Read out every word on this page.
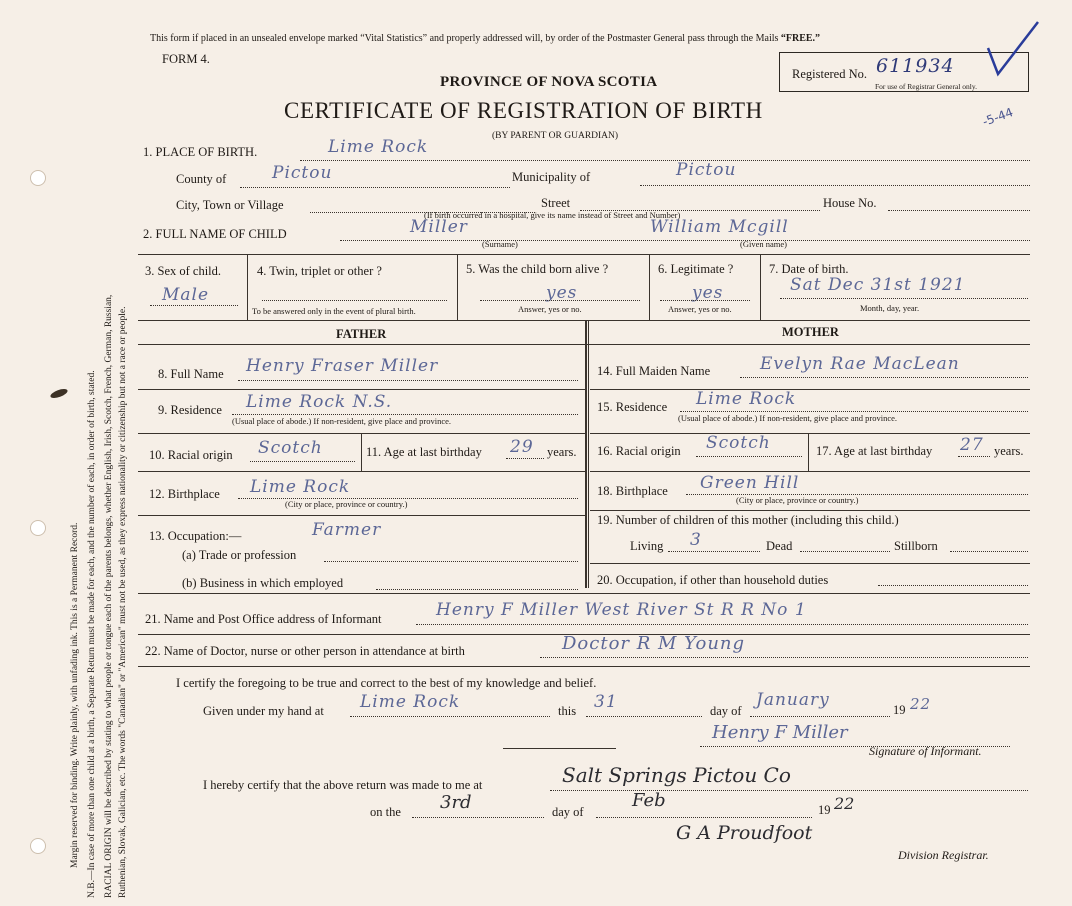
Margin reserved for binding. Write plainly, with unfading ink. This is a Permanent Record. N.B.—In case of more than one child at a birth, a Separate Return must be made for each, and the number of each, in order of birth, stated. RACIAL ORIGIN will be described by stating to what people or tongue each of the parents belongs, whether English, Irish, Scotch, French, German, Russian, Ruthenian, Slovak, Galician, etc. The words "Canadian" or "American" must not be used, as they express nationality or citizenship but not a race or people.
This form if placed in an unsealed envelope marked “Vital Statistics” and properly addressed will, by order of the Postmaster General pass through the Mails “FREE.”
FORM 4.
PROVINCE OF NOVA SCOTIA
CERTIFICATE OF REGISTRATION OF BIRTH
(BY PARENT OR GUARDIAN)
Registered No. 611934
For use of Registrar General only.
-5-44
1. PLACE OF BIRTH.	Lime Rock
County of	Pictou	Municipality of	Pictou
City, Town or Village	Street	House No.
(If birth occurred in a hospital, give its name instead of Street and Number)
2. FULL NAME OF CHILD	Miller
(Surname)
William Mcgill
(Given name)
3. Sex of child.
Male
4. Twin, triplet or other ?
To be answered only in the event of plural birth.
5. Was the child born alive ?
yes
Answer, yes or no.
6. Legitimate ?
yes
Answer, yes or no.
7. Date of birth.
Sat Dec 31st 1921
Month, day, year.
FATHER	MOTHER
8. Full Name Henry Fraser Miller
9. Residence Lime Rock N.S.
(Usual place of abode.) If non-resident, give place and province.
10. Racial origin Scotch	11. Age at last birthday 29 years.
12. Birthplace Lime Rock
(City or place, province or country.)
13. Occupation:—	Farmer
(a) Trade or profession
(b) Business in which employed
14. Full Maiden Name	Evelyn Rae MacLean
15. Residence Lime Rock
(Usual place of abode.) If non-resident, give place and province.
16. Racial origin Scotch	17. Age at last birthday 27 years.
18. Birthplace Green Hill
(City or place, province or country.)
19. Number of children of this mother (including this child.)
Living 3	Dead	Stillborn
20. Occupation, if other than household duties
21. Name and Post Office address of Informant	Henry F Miller West River St R R No 1
22. Name of Doctor, nurse or other person in attendance at birth	Doctor R M Young
I certify the foregoing to be true and correct to the best of my knowledge and belief.
Given under my hand at Lime Rock	this 31	day of
January	19 22
Henry F Miller
Signature of Informant.
I hereby certify that the above return was made to me at	Salt Springs Pictou Co
on the 3rd	day of
Feb	19 22
G A Proudfoot
Division Registrar.
